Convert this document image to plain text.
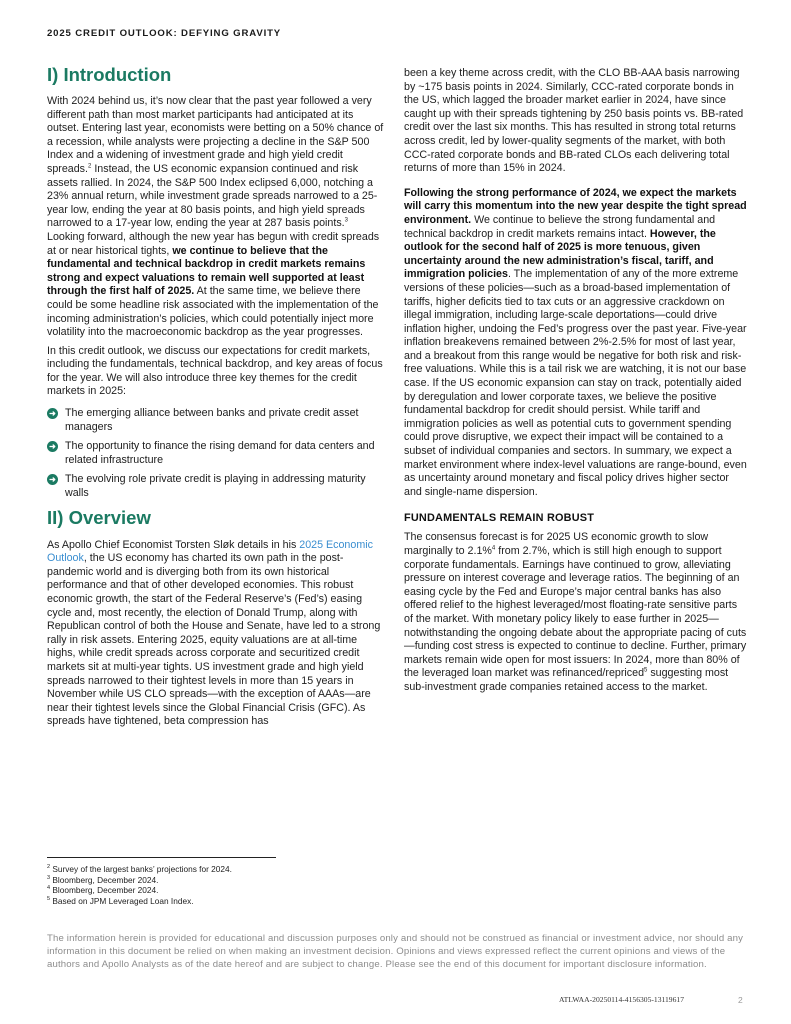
2025 CREDIT OUTLOOK: DEFYING GRAVITY
I) Introduction

With 2024 behind us, it’s now clear that the past year followed a very different path than most market participants had anticipated at its outset. Entering last year, economists were betting on a 50% chance of a recession, while analysts were projecting a decline in the S&P 500 Index and a widening of investment grade and high yield credit spreads.$^2$ Instead, the US economic expansion continued and risk assets rallied. In 2024, the S&P 500 Index eclipsed 6,000, notching a 23% annual return, while investment grade spreads narrowed to a 25-year low, ending the year at 80 basis points, and high yield spreads narrowed to a 17-year low, ending the year at 287 basis points.$^3$ Looking forward, although the new year has begun with credit spreads at or near historical tights, we continue to believe that the fundamental and technical backdrop in credit markets remains strong and expect valuations to remain well supported at least through the first half of 2025. At the same time, we believe there could be some headline risk associated with the implementation of the incoming administration’s policies, which could potentially inject more volatility into the macroeconomic backdrop as the year progresses.

In this credit outlook, we discuss our expectations for credit markets, including the fundamentals, technical backdrop, and key areas of focus for the year. We will also introduce three key themes for the credit markets in 2025:

➜ The emerging alliance between banks and private credit asset managers
➜ The opportunity to finance the rising demand for data centers and related infrastructure
➜ The evolving role private credit is playing in addressing maturity walls
II) Overview

As Apollo Chief Economist Torsten Sløk details in his 2025 Economic Outlook, the US economy has charted its own path in the post-pandemic world and is diverging both from its own historical performance and that of other developed economies. This robust economic growth, the start of the Federal Reserve’s (Fed’s) easing cycle and, most recently, the election of Donald Trump, along with Republican control of both the House and Senate, have led to a strong rally in risk assets. Entering 2025, equity valuations are at all-time highs, while credit spreads across corporate and securitized credit markets sit at multi-year tights. US investment grade and high yield spreads narrowed to their tightest levels in more than 15 years in November while US CLO spreads—with the exception of AAAs—are near their tightest levels since the Global Financial Crisis (GFC). As spreads have tightened, beta compression has

been a key theme across credit, with the CLO BB-AAA basis narrowing by ~175 basis points in 2024. Similarly, CCC-rated corporate bonds in the US, which lagged the broader market earlier in 2024, have since caught up with their spreads tightening by 250 basis points vs. BB-rated credit over the last six months. This has resulted in strong total returns across credit, led by lower-quality segments of the market, with both CCC-rated corporate bonds and BB-rated CLOs each delivering total returns of more than 15% in 2024.

Following the strong performance of 2024, we expect the markets will carry this momentum into the new year despite the tight spread environment. We continue to believe the strong fundamental and technical backdrop in credit markets remains intact. However, the outlook for the second half of 2025 is more tenuous, given uncertainty around the new administration’s fiscal, tariff, and immigration policies. The implementation of any of the more extreme versions of these policies—such as a broad-based implementation of tariffs, higher deficits tied to tax cuts or an aggressive crackdown on illegal immigration, including large-scale deportations—could drive inflation higher, undoing the Fed’s progress over the past year. Five-year inflation breakevens remained between 2%-2.5% for most of last year, and a breakout from this range would be negative for both risk and risk-free valuations. While this is a tail risk we are watching, it is not our base case. If the US economic expansion can stay on track, potentially aided by deregulation and lower corporate taxes, we believe the positive fundamental backdrop for credit should persist. While tariff and immigration policies as well as potential cuts to government spending could prove disruptive, we expect their impact will be contained to a subset of individual companies and sectors. In summary, we expect a market environment where index-level valuations are range-bound, even as uncertainty around monetary and fiscal policy drives higher sector and single-name dispersion.

FUNDAMENTALS REMAIN ROBUST

The consensus forecast is for 2025 US economic growth to slow marginally to 2.1%$^4$ from 2.7%, which is still high enough to support corporate fundamentals. Earnings have continued to grow, alleviating pressure on interest coverage and leverage ratios. The beginning of an easing cycle by the Fed and Europe’s major central banks has also offered relief to the highest leveraged/most floating-rate sensitive parts of the market. With monetary policy likely to ease further in 2025—notwithstanding the ongoing debate about the appropriate pacing of cuts—funding cost stress is expected to continue to decline. Further, primary markets remain wide open for most issuers: In 2024, more than 80% of the leveraged loan market was refinanced/repriced$^5$ suggesting most sub-investment grade companies retained access to the market.

$^2$ Survey of the largest banks’ projections for 2024.
$^3$ Bloomberg, December 2024.
$^4$ Bloomberg, December 2024.
$^5$ Based on JPM Leveraged Loan Index.
The information herein is provided for educational and discussion purposes only and should not be construed as financial or investment advice, nor should any information in this document be relied on when making an investment decision. Opinions and views expressed reflect the current opinions and views of the authors and Apollo Analysts as of the date hereof and are subject to change. Please see the end of this document for important disclosure information.
ATLWAA-20250114-4156305-13119617	2
